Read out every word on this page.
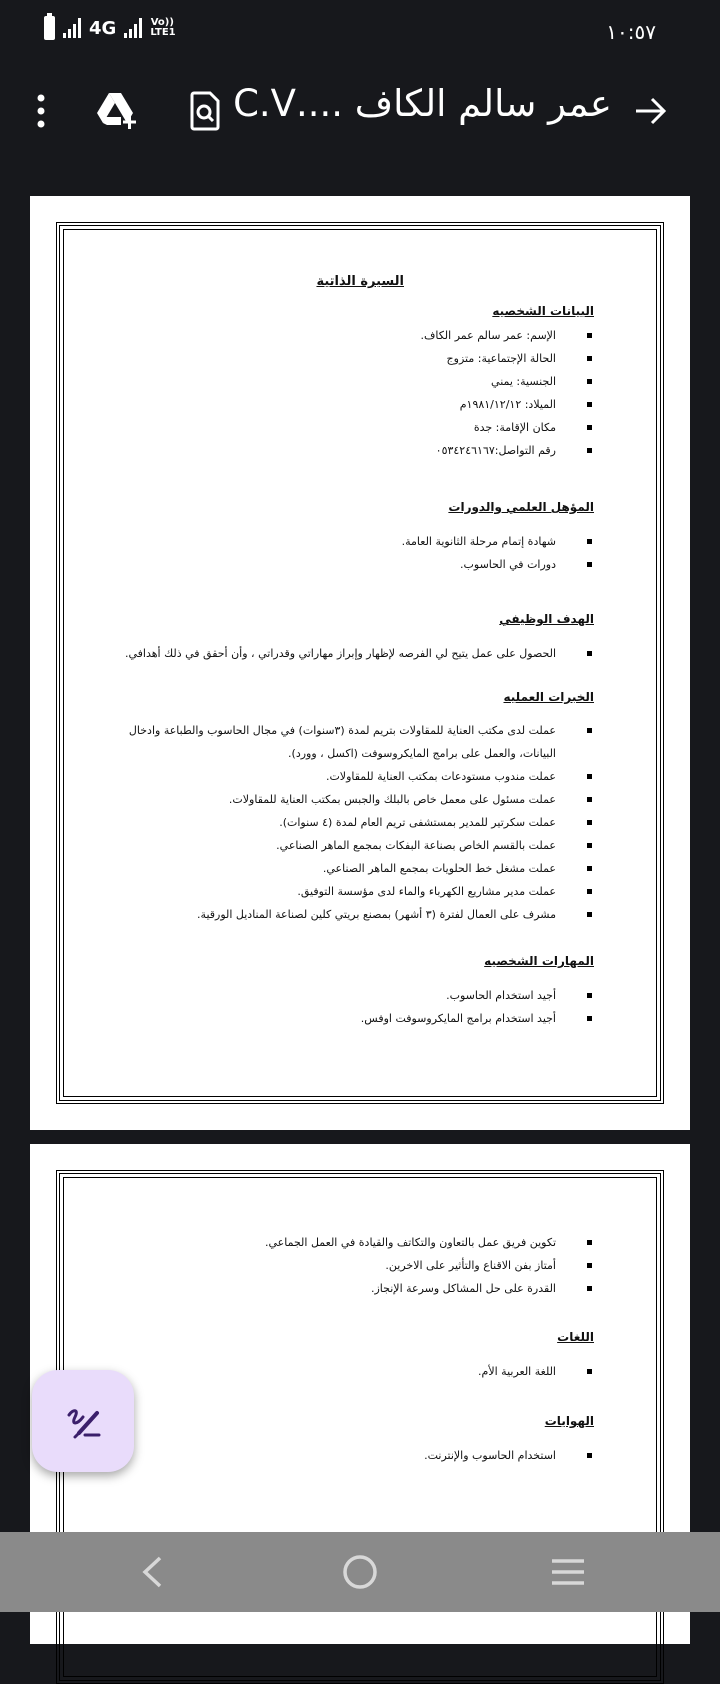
4G	Vo)) LTE1	١٠:٥٧
عمر سالم الكاف ....C.V
السيرة الذاتية
البيانات الشخصيه
الإسم: عمر سالم عمر الكاف.
الحالة الإجتماعية: متزوج
الجنسية: يمني
الميلاد: ١٩٨١/١٢/١٢م
مكان الإقامة: جدة
رقم التواصل:٠٥٣٤٢٤٦١٦٧
المؤهل العلمي والدورات
شهادة إتمام مرحلة الثانوية العامة.
دورات في الحاسوب.
الهدف الوظيفي
الحصول على عمل يتيح لي الفرصه لإظهار وإبراز مهاراتي وقدراتي ، وأن أحقق في ذلك أهدافي.
الخبرات العمليه
عملت لدى مكتب العناية للمقاولات بتريم لمدة (٣سنوات) في مجال الحاسوب والطباعة وادخال
البيانات، والعمل على برامج المايكروسوفت (اكسل ، وورد).
عملت مندوب مستودعات بمكتب العناية للمقاولات.
عملت مسئول على معمل خاص بالبلك والجبس بمكتب العناية للمقاولات.
عملت سكرتير للمدير بمستشفى تريم العام لمدة (٤ سنوات).
عملت بالقسم الخاص بصناعة البفكات بمجمع الماهر الصناعي.
عملت مشغل خط الحلويات بمجمع الماهر الصناعي.
عملت مدير مشاريع الكهرباء والماء لدى مؤسسة التوفيق.
مشرف على العمال لفترة (٣ أشهر) بمصنع بريتي كلين لصناعة المناديل الورقية.
المهارات الشخصيه
أجيد استخدام الحاسوب.
أجيد استخدام برامج المايكروسوفت اوفس.
تكوين فريق عمل بالتعاون والتكاتف والقيادة في العمل الجماعي.
أمتاز بفن الاقناع والتأثير على الاخرين.
القدرة على حل المشاكل وسرعة الإنجاز.
اللغات
اللغة العربية الأم.
الهوايات
استخدام الحاسوب والإنترنت.
